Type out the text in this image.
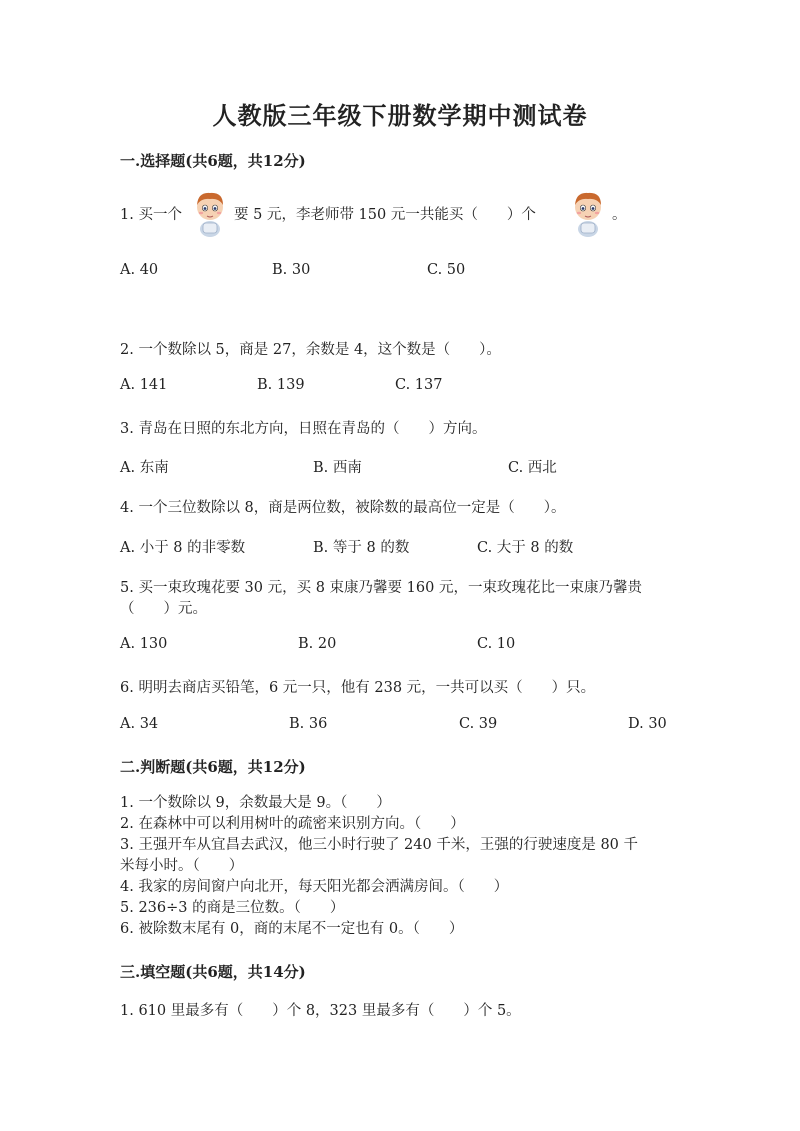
人教版三年级下册数学期中测试卷
一.选择题(共6题，共12分)
1. 买一个	要 5 元，李老师带 150 元一共能买（　　）个	。
A. 40	B. 30	C. 50
2. 一个数除以 5，商是 27，余数是 4，这个数是（　　）。
A. 141	B. 139	C. 137
3. 青岛在日照的东北方向，日照在青岛的（　　）方向。
A. 东南	B. 西南	C. 西北
4. 一个三位数除以 8，商是两位数，被除数的最高位一定是（　　）。
A. 小于 8 的非零数	B. 等于 8 的数	C. 大于 8 的数
5. 买一束玫瑰花要 30 元，买 8 束康乃馨要 160 元，一束玫瑰花比一束康乃馨贵
（　　）元。
A. 130	B. 20	C. 10
6. 明明去商店买铅笔，6 元一只，他有 238 元，一共可以买（　　）只。
A. 34	B. 36	C. 39	D. 30
二.判断题(共6题，共12分)
1. 一个数除以 9，余数最大是 9。（　　）
2. 在森林中可以利用树叶的疏密来识别方向。（　　）
3. 王强开车从宜昌去武汉，他三小时行驶了 240 千米，王强的行驶速度是 80 千
米每小时。（　　）
4. 我家的房间窗户向北开，每天阳光都会洒满房间。（　　）
5. 236÷3 的商是三位数。（　　）
6. 被除数末尾有 0，商的末尾不一定也有 0。（　　）
三.填空题(共6题，共14分)
1. 610 里最多有（　　）个 8，323 里最多有（　　）个 5。
